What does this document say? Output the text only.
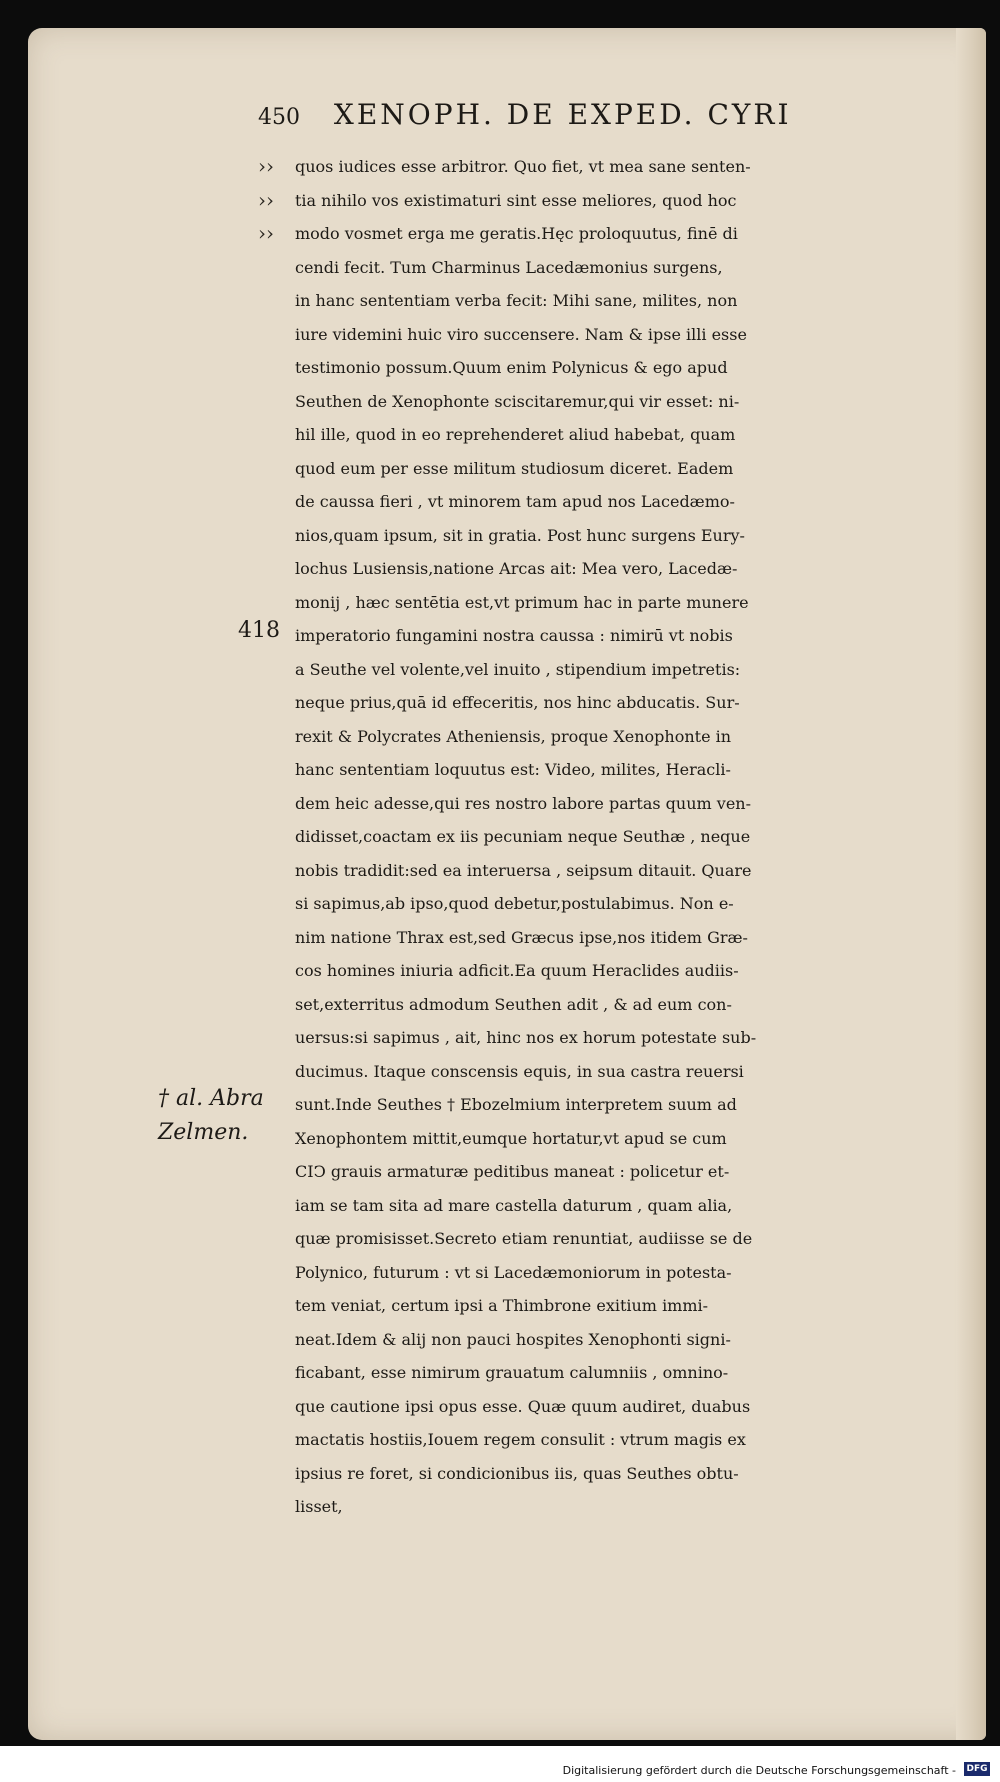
450 XENOPH. DE EXPED. CYRI
››
››
››
418
† al. Abra
Zelmen.
quos iudices esse arbitror. Quo fiet, vt mea sane senten-
tia nihilo vos existimaturi sint esse meliores, quod hoc
modo vosmet erga me geratis.Hęc proloquutus, finē di
cendi fecit. Tum Charminus Lacedæmonius surgens,
in hanc sententiam verba fecit: Mihi sane, milites, non
iure videmini huic viro succensere. Nam & ipse illi esse
testimonio possum.Quum enim Polynicus & ego apud
Seuthen de Xenophonte sciscitaremur,qui vir esset: ni-
hil ille, quod in eo reprehenderet aliud habebat, quam
quod eum per esse militum studiosum diceret. Eadem
de caussa fieri , vt minorem tam apud nos Lacedæmo-
nios,quam ipsum, sit in gratia. Post hunc surgens Eury-
lochus Lusiensis,natione Arcas ait: Mea vero, Lacedæ-
monij , hæc sentētia est,vt primum hac in parte munere
imperatorio fungamini nostra caussa : nimirū vt nobis
a Seuthe vel volente,vel inuito , stipendium impetretis:
neque prius,quā id effeceritis, nos hinc abducatis. Sur-
rexit & Polycrates Atheniensis, proque Xenophonte in
hanc sententiam loquutus est: Video, milites, Heracli-
dem heic adesse,qui res nostro labore partas quum ven-
didisset,coactam ex iis pecuniam neque Seuthæ , neque
nobis tradidit:sed ea interuersa , seipsum ditauit. Quare
si sapimus,ab ipso,quod debetur,postulabimus. Non e-
nim natione Thrax est,sed Græcus ipse,nos itidem Græ-
cos homines iniuria adficit.Ea quum Heraclides audiis-
set,exterritus admodum Seuthen adit , & ad eum con-
uersus:si sapimus , ait, hinc nos ex horum potestate sub-
ducimus. Itaque conscensis equis, in sua castra reuersi
sunt.Inde Seuthes † Ebozelmium interpretem suum ad
Xenophontem mittit,eumque hortatur,vt apud se cum
CIↃ grauis armaturæ peditibus maneat : policetur et-
iam se tam sita ad mare castella daturum , quam alia,
quæ promisisset.Secreto etiam renuntiat, audiisse se de
Polynico, futurum : vt si Lacedæmoniorum in potesta-
tem veniat, certum ipsi a Thimbrone exitium immi-
neat.Idem & alij non pauci hospites Xenophonti signi-
ficabant, esse nimirum grauatum calumniis , omnino-
que cautione ipsi opus esse. Quæ quum audiret, duabus
mactatis hostiis,Iouem regem consulit : vtrum magis ex
ipsius re foret, si condicionibus iis, quas Seuthes obtu-
lisset,
Digitalisierung gefördert durch die Deutsche Forschungsgemeinschaft - DFG
